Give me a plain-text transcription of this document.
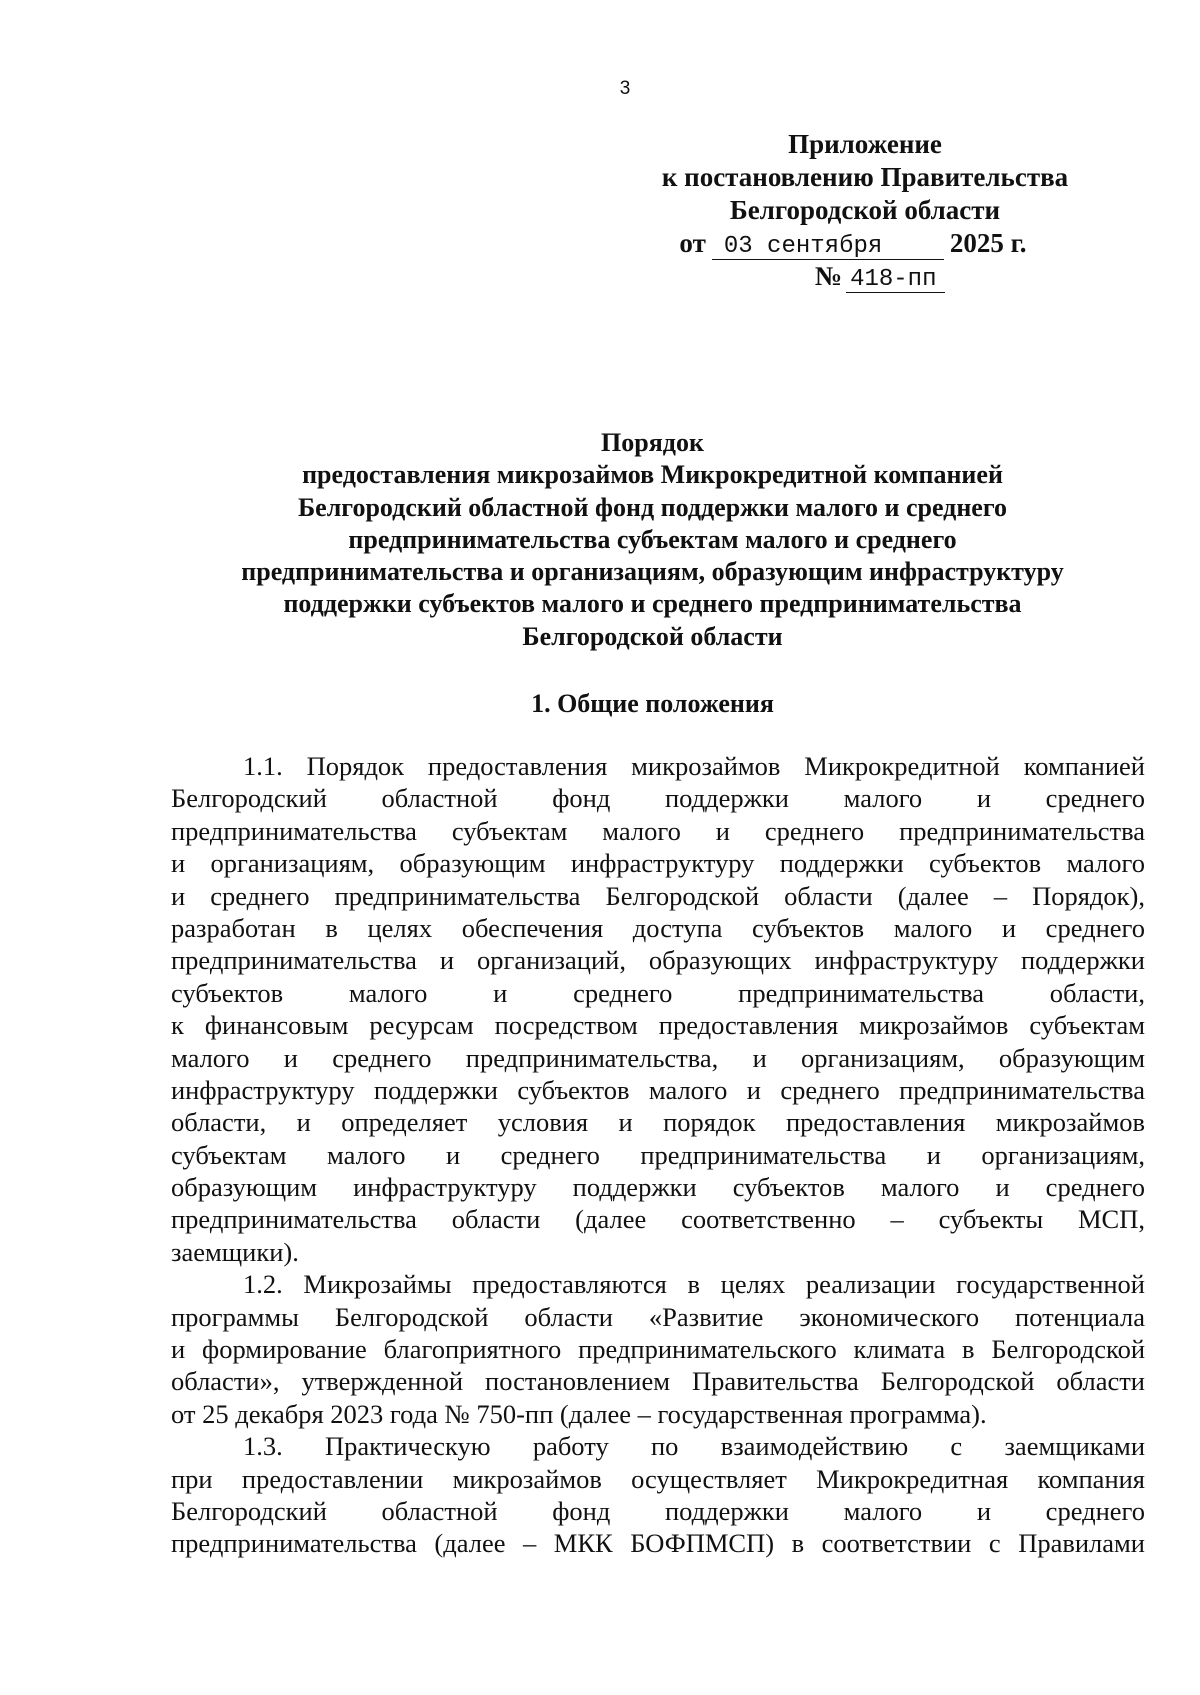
3
Приложение
к постановлению Правительства
Белгородской области
от 03 сентября	2025 г.
№ 418-пп
Порядок
предоставления микрозаймов Микрокредитной компанией
Белгородский областной фонд поддержки малого и среднего
предпринимательства субъектам малого и среднего
предпринимательства и организациям, образующим инфраструктуру
поддержки субъектов малого и среднего предпринимательства
Белгородской области
1. Общие положения
1.1. Порядок предоставления микрозаймов Микрокредитной компанией
Белгородский областной фонд поддержки малого и среднего
предпринимательства субъектам малого и среднего предпринимательства
и организациям, образующим инфраструктуру поддержки субъектов малого
и среднего предпринимательства Белгородской области (далее – Порядок),
разработан в целях обеспечения доступа субъектов малого и среднего
предпринимательства и организаций, образующих инфраструктуру поддержки
субъектов малого и среднего предпринимательства области,
к финансовым ресурсам посредством предоставления микрозаймов субъектам
малого и среднего предпринимательства, и организациям, образующим
инфраструктуру поддержки субъектов малого и среднего предпринимательства
области, и определяет условия и порядок предоставления микрозаймов
субъектам малого и среднего предпринимательства и организациям,
образующим инфраструктуру поддержки субъектов малого и среднего
предпринимательства области (далее соответственно – субъекты МСП,
заемщики).
1.2. Микрозаймы предоставляются в целях реализации государственной
программы Белгородской области «Развитие экономического потенциала
и формирование благоприятного предпринимательского климата в Белгородской
области», утвержденной постановлением Правительства Белгородской области
от 25 декабря 2023 года № 750-пп (далее – государственная программа).
1.3. Практическую работу по взаимодействию с заемщиками
при предоставлении микрозаймов осуществляет Микрокредитная компания
Белгородский областной фонд поддержки малого и среднего
предпринимательства (далее – МКК БОФПМСП) в соответствии с Правилами
